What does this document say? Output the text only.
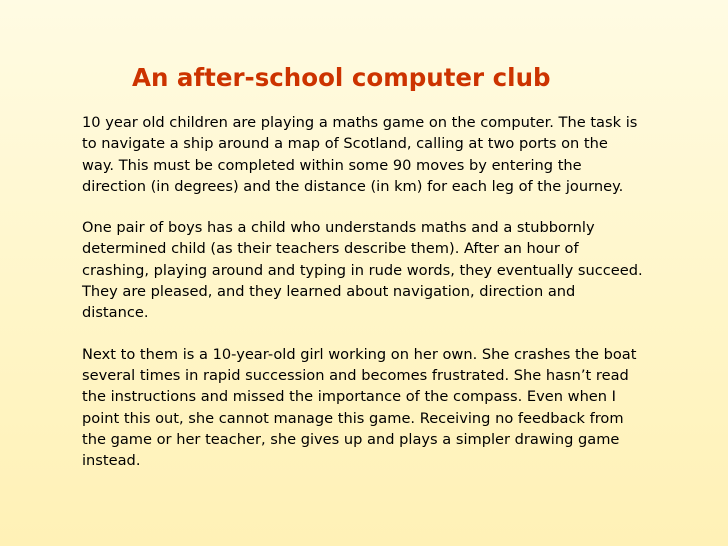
An after-school computer club

10 year old children are playing a maths game on the computer. The task is
to navigate a ship around a map of Scotland, calling at two ports on the
way. This must be completed within some 90 moves by entering the
direction (in degrees) and the distance (in km) for each leg of the journey.

One pair of boys has a child who understands maths and a stubbornly
determined child (as their teachers describe them). After an hour of
crashing, playing around and typing in rude words, they eventually succeed.
They are pleased, and they learned about navigation, direction and
distance.

Next to them is a 10-year-old girl working on her own. She crashes the boat
several times in rapid succession and becomes frustrated. She hasn’t read
the instructions and missed the importance of the compass. Even when I
point this out, she cannot manage this game. Receiving no feedback from
the game or her teacher, she gives up and plays a simpler drawing game
instead.
